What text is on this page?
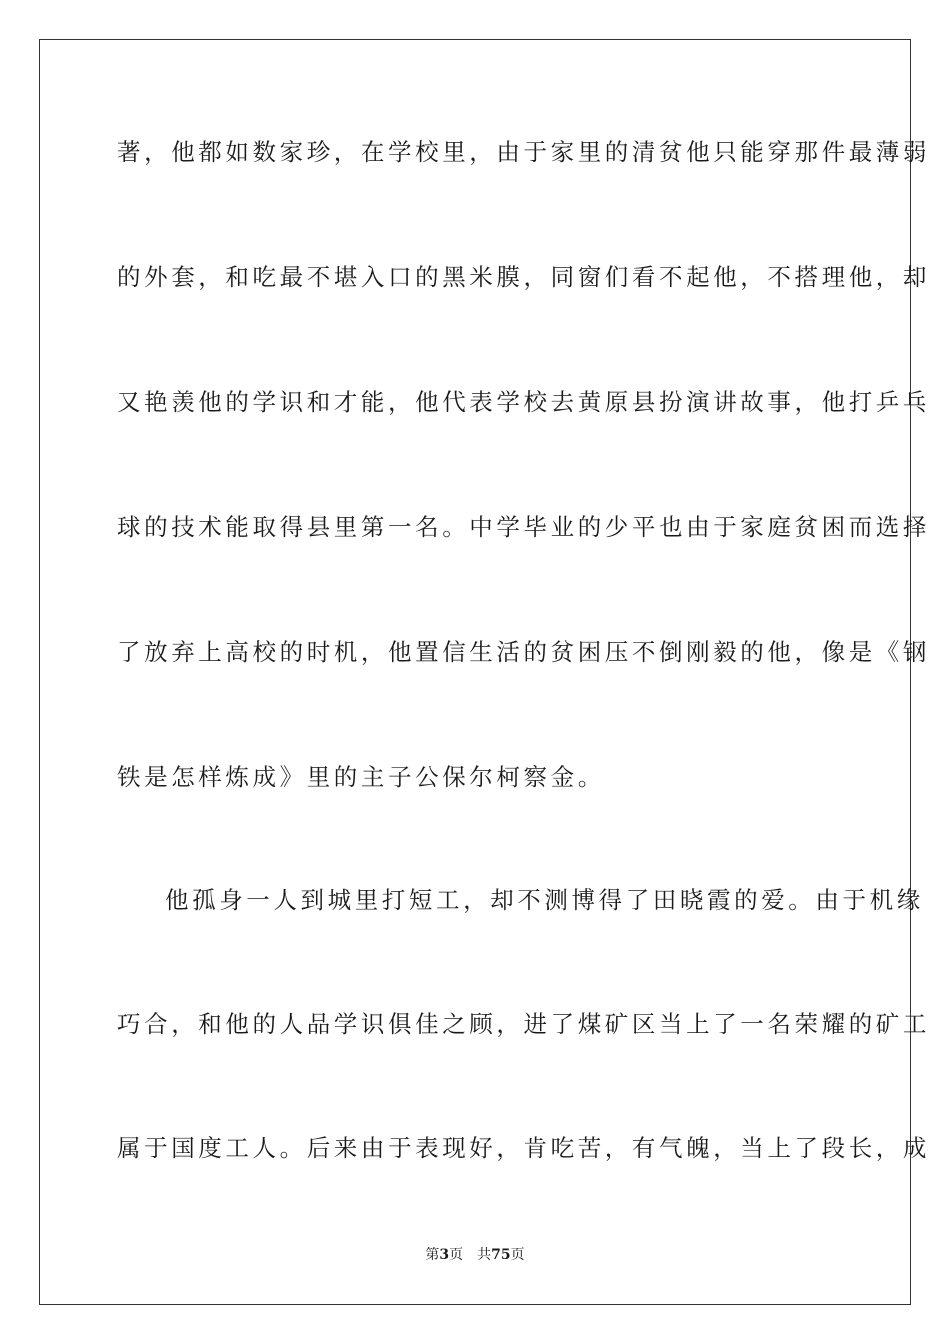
著，他都如数家珍，在学校里，由于家里的清贫他只能穿那件最薄弱
的外套，和吃最不堪入口的黑米膜，同窗们看不起他，不搭理他，却
又艳羡他的学识和才能，他代表学校去黄原县扮演讲故事，他打乒乓
球的技术能取得县里第一名。中学毕业的少平也由于家庭贫困而选择
了放弃上高校的时机，他置信生活的贫困压不倒刚毅的他，像是《钢
铁是怎样炼成》里的主子公保尔柯察金。
他孤身一人到城里打短工，却不测博得了田晓霞的爱。由于机缘
巧合，和他的人品学识俱佳之顾，进了煤矿区当上了一名荣耀的矿工
属于国度工人。后来由于表现好，肯吃苦，有气魄，当上了段长，成
第3页 共75页
